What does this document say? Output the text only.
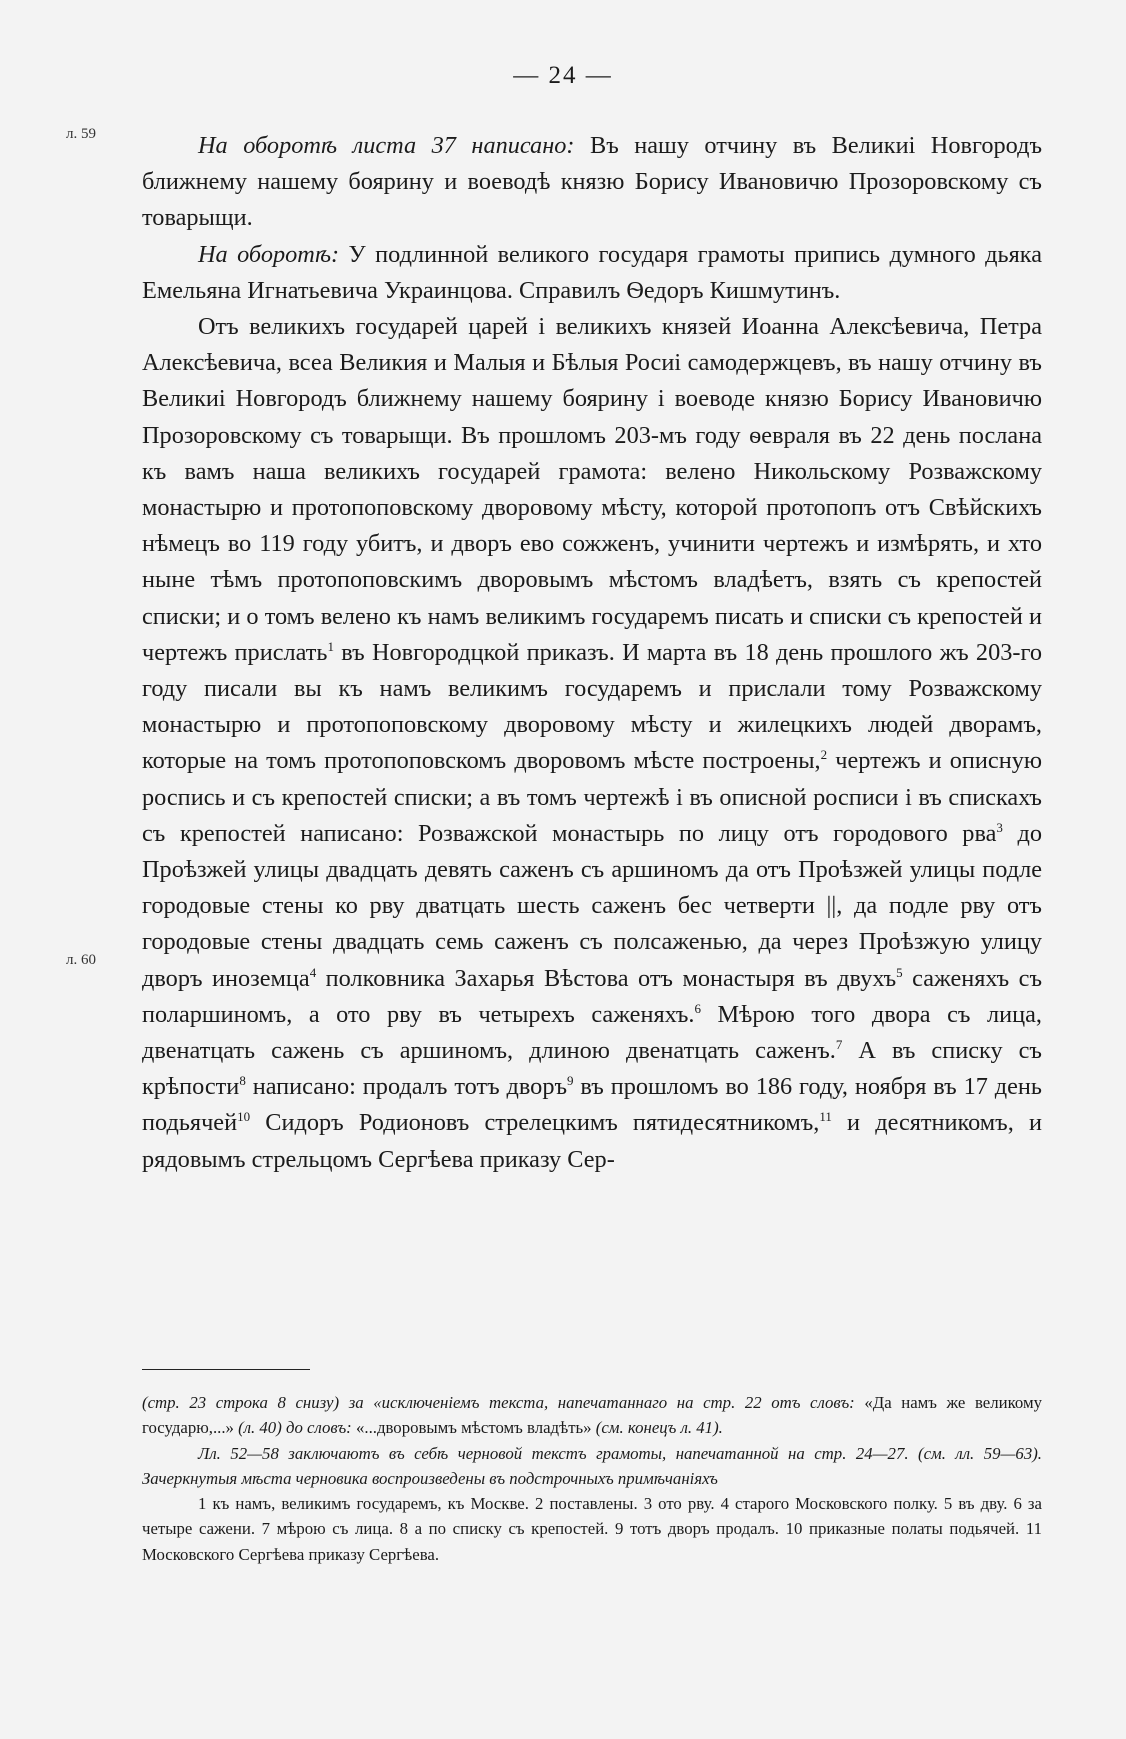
— 24 —
л. 59
л. 60

На оборотѣ листа 37 написано: Въ нашу отчину въ Великиі Новгородъ ближнему нашему боярину и воеводѣ князю Борису Ивановичю Прозоровскому съ товарыщи.

На оборотѣ: У подлинной великого государя грамоты припись думного дьяка Емельяна Игнатьевича Украинцова. Справилъ Ѳедоръ Кишмутинъ.

Отъ великихъ государей царей і великихъ князей Иоанна Алексѣевича, Петра Алексѣевича, всеа Великия и Малыя и Бѣлыя Росиі самодержцевъ, въ нашу отчину въ Великиі Новгородъ ближнему нашему боярину і воеводе князю Борису Ивановичю Прозоровскому съ товарыщи. Въ прошломъ 203-мъ году ѳевраля въ 22 день послана къ вамъ наша великихъ государей грамота: велено Никольскому Розважскому монастырю и протопоповскому дворовому мѣсту, которой протопопъ отъ Свѣйскихъ нѣмецъ во 119 году убитъ, и дворъ ево сожженъ, учинити чертежъ и измѣрять, и хто ныне тѣмъ протопоповскимъ дворовымъ мѣстомъ владѣетъ, взять съ крепостей списки; и о томъ велено къ намъ великимъ государемъ писать и списки съ крепостей и чертежъ прислать$^1$ въ Новгородцкой приказъ. И марта въ 18 день прошлого жъ 203-го году писали вы къ намъ великимъ государемъ и прислали тому Розважскому монастырю и протопоповскому дворовому мѣсту и жилецкихъ людей дворамъ, которые на томъ протопоповскомъ дворовомъ мѣсте построены,$^2$ чертежъ и описную роспись и съ крепостей списки; а въ томъ чертежѣ і въ описной росписи і въ спискахъ съ крепостей написано: Розважской монастырь по лицу отъ городового рва$^3$ до Проѣзжей улицы двадцать девять саженъ съ аршиномъ да отъ Проѣзжей улицы подле городовые стены ко рву дватцать шесть саженъ бес четверти ||, да подле рву отъ городовые стены двадцать семь саженъ съ полсаженью, да через Проѣзжую улицу дворъ иноземца$^4$ полковника Захарья Вѣстова отъ монастыря въ двухъ$^5$ саженяхъ съ поларшиномъ, а ото рву въ четырехъ саженяхъ.$^6$ Мѣрою того двора съ лица, двенатцать сажень съ аршиномъ, длиною двенатцать саженъ.$^7$ А въ списку съ крѣпости$^8$ написано: продалъ тотъ дворъ$^9$ въ прошломъ во 186 году, ноября въ 17 день подьячей$^{10}$ Сидоръ Родионовъ стрелецкимъ пятидесятникомъ,$^{11}$ и десятникомъ, и рядовымъ стрельцомъ Сергѣева приказу Сер-

(стр. 23 строка 8 снизу) за «исключеніемъ текста, напечатаннаго на стр. 22 отъ словъ: «Да намъ же великому государю,...» (л. 40) до словъ: «...дворовымъ мѣстомъ владѣть» (см. конецъ л. 41).

Лл. 52—58 заключаютъ въ себѣ черновой текстъ грамоты, напечатанной на стр. 24—27. (см. лл. 59—63). Зачеркнутыя мѣста черновика воспроизведены въ подстрочныхъ примѣчаніяхъ

1 къ намъ, великимъ государемъ, къ Москве. 2 поставлены. 3 ото рву. 4 старого Московского полку. 5 въ дву. 6 за четыре сажени. 7 мѣрою съ лица. 8 а по списку съ крепостей. 9 тотъ дворъ продалъ. 10 приказные полаты подьячей. 11 Московского Сергѣева приказу Сергѣева.
